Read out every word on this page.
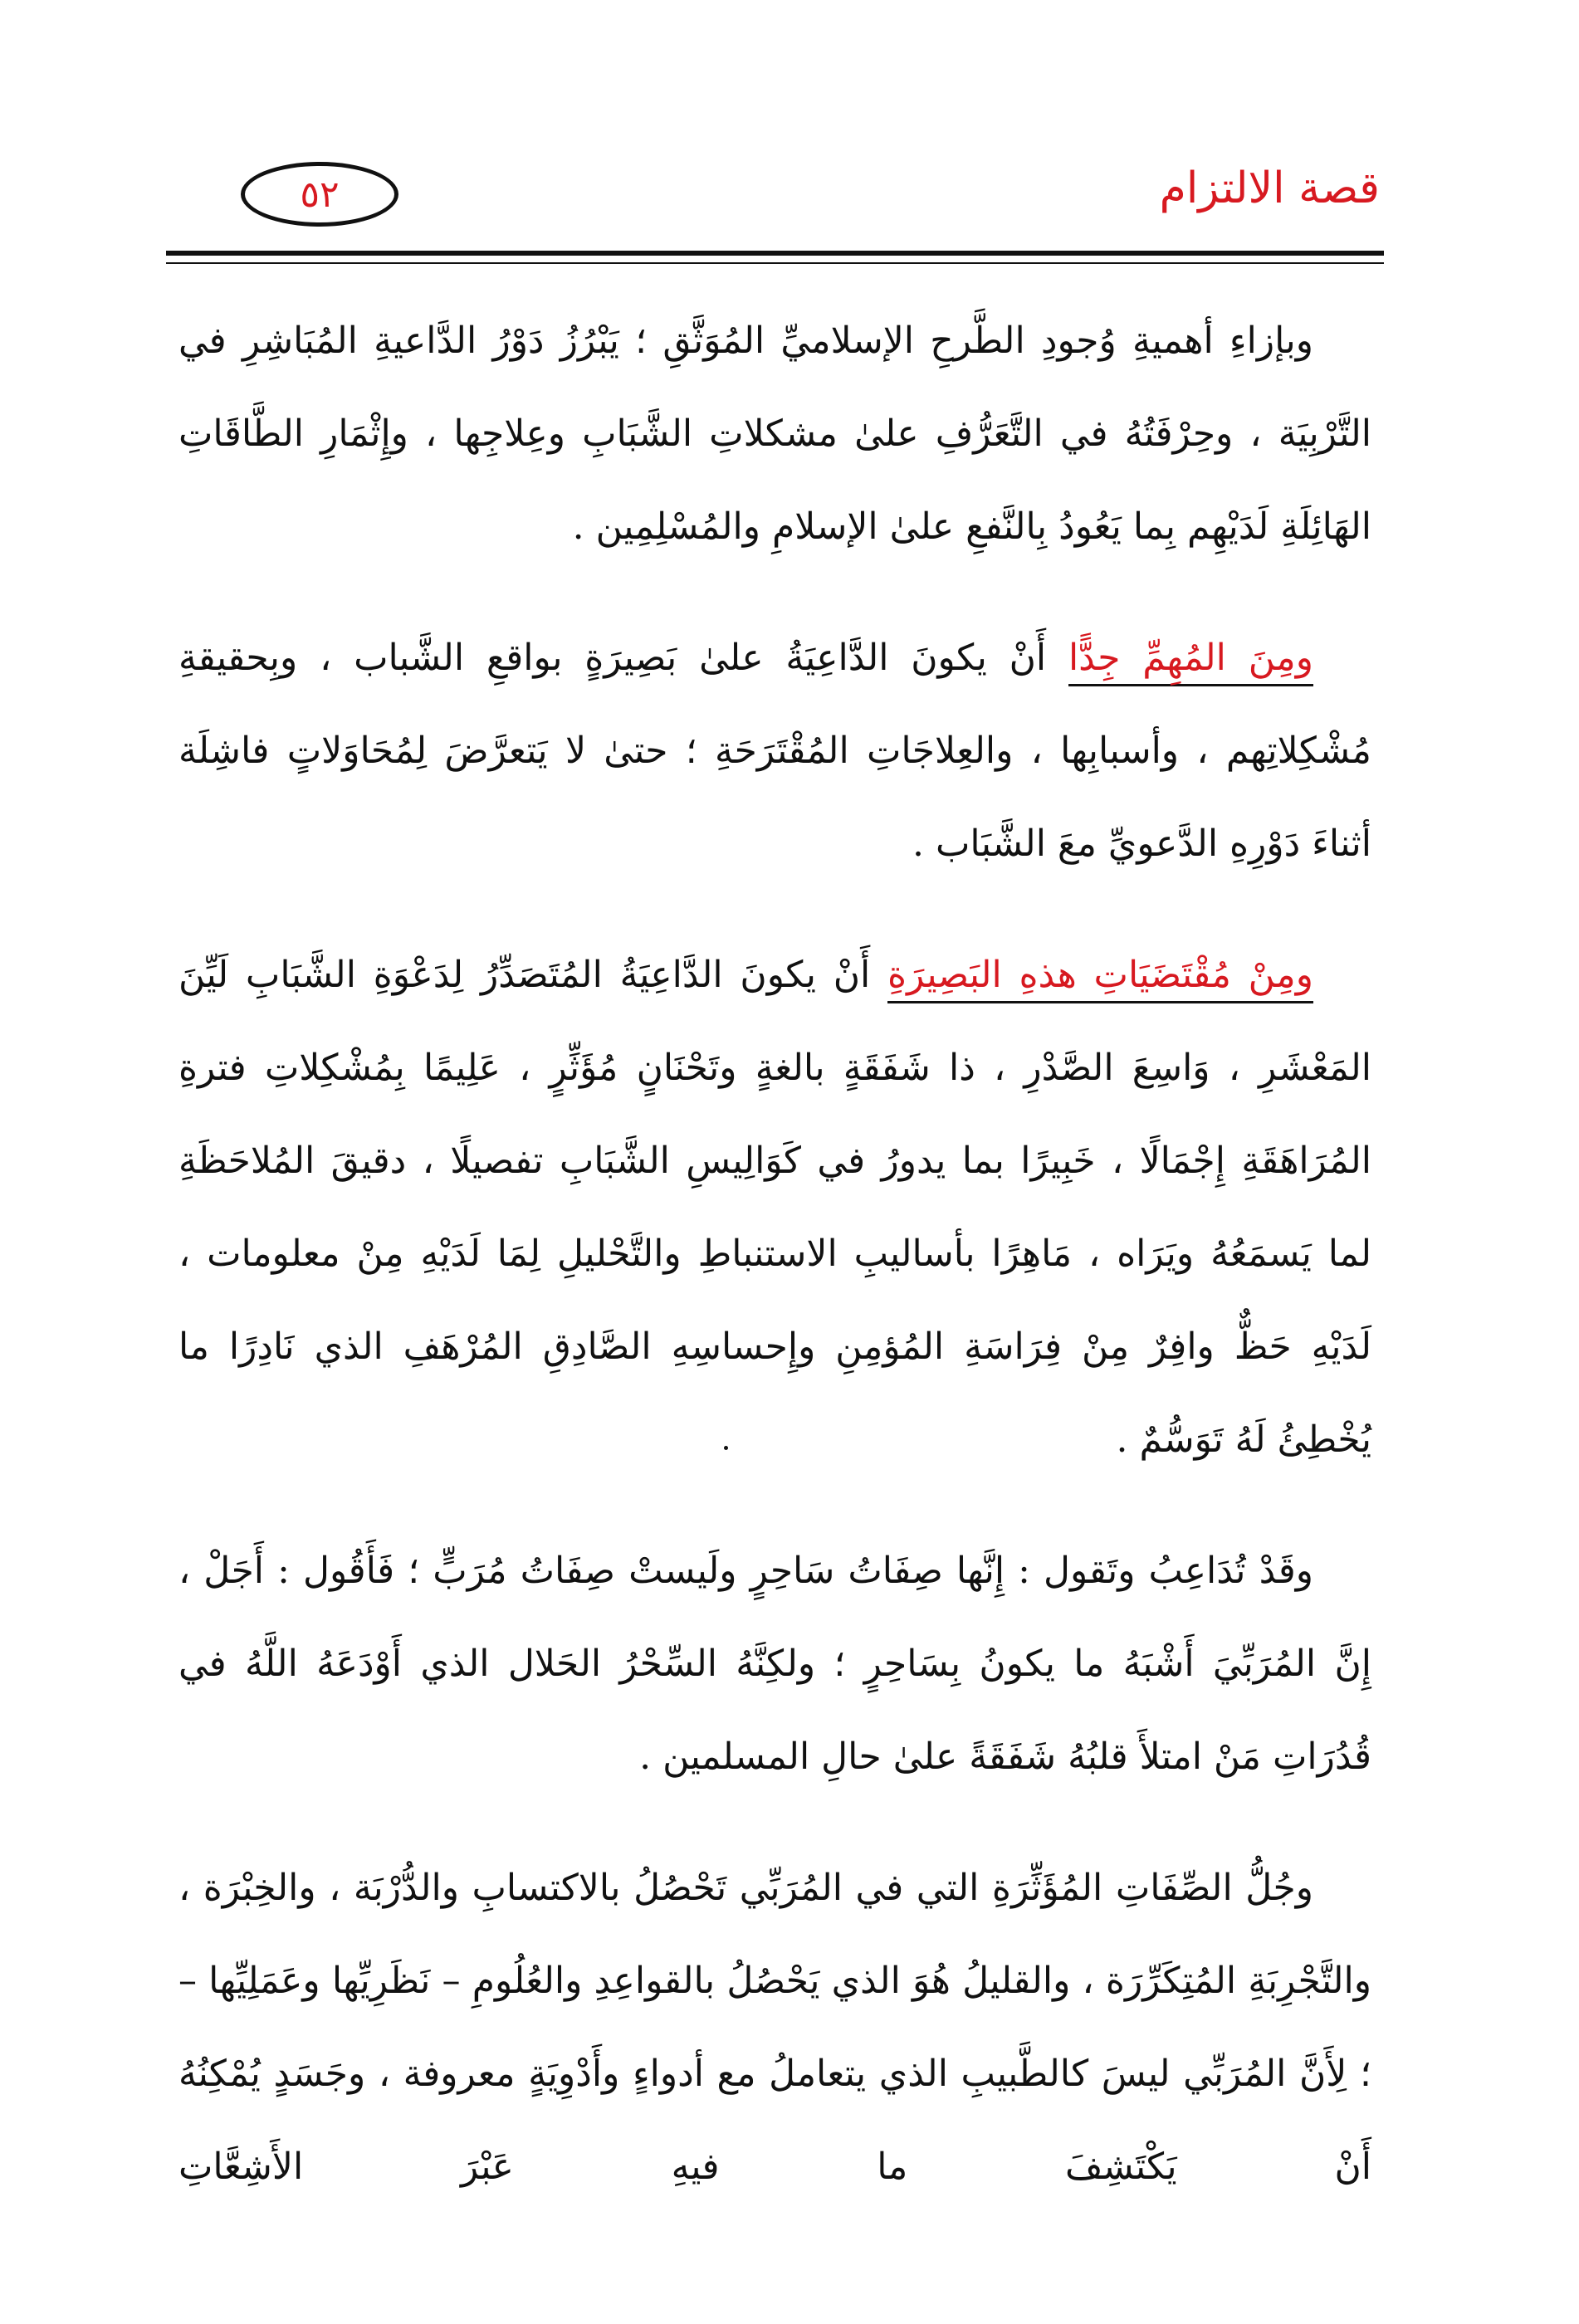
قصة الالتزام
٥٢

وبإزاءِ أهميةِ وُجودِ الطَّرحِ الإسلاميِّ المُوَثَّقِ ؛ يَبْرُزُ دَوْرُ الدَّاعيةِ المُبَاشِرِ في التَّرْبِيَة ، وحِرْفَتُهُ في التَّعَرُّفِ علىٰ مشكلاتِ الشَّبَابِ وعِلاجِها ، وإِثْمَارِ الطَّاقَاتِ الهَائِلَةِ لَدَيْهِم بِما يَعُودُ بِالنَّفعِ علىٰ الإسلامِ والمُسْلِمِين .

ومِنَ المُهِمِّ جِدًّا أَنْ يكونَ الدَّاعِيَةُ علىٰ بَصِيرَةٍ بواقعِ الشَّباب ، وبِحقيقةِ مُشْكِلاتِهم ، وأسبابِها ، والعِلاجَاتِ المُقْتَرَحَةِ ؛ حتىٰ لا يَتعرَّضَ لِمُحَاوَلاتٍ فاشِلَة أثناءَ دَوْرِهِ الدَّعويِّ معَ الشَّبَاب .

ومِنْ مُقْتَضَيَاتِ هذهِ البَصِيرَةِ أَنْ يكونَ الدَّاعِيَةُ المُتَصَدِّرُ لِدَعْوَةِ الشَّبَابِ لَيِّنَ المَعْشَرِ ، وَاسِعَ الصَّدْرِ ، ذا شَفَقَةٍ بالغةٍ وتَحْنَانٍ مُؤَثِّرٍ ، عَلِيمًا بِمُشْكِلاتِ فترةِ المُرَاهَقَةِ إِجْمَالًا ، خَبِيرًا بما يدورُ في كَوَالِيسِ الشَّبَابِ تفصيلًا ، دقيقَ المُلاحَظَةِ لما يَسمَعُهُ ويَرَاه ، مَاهِرًا بأساليبِ الاستنباطِ والتَّحْليلِ لِمَا لَدَيْهِ مِنْ معلومات ، لَدَيْهِ حَظٌّ وافِرٌ مِنْ فِرَاسَةِ المُؤمِنِ وإِحساسِهِ الصَّادِقِ المُرْهَفِ الذي نَادِرًا ما يُخْطِئُ لَهُ تَوَسُّمٌ .

وقَدْ تُدَاعِبُ وتَقول : إِنَّها صِفَاتُ سَاحِرٍ ولَيستْ صِفَاتُ مُرَبٍّ ؛ فَأَقُول : أَجَلْ ، إِنَّ المُرَبِّيَ أَشْبَهُ ما يكونُ بِسَاحِرٍ ؛ ولكِنَّهُ السِّحْرُ الحَلال الذي أَوْدَعَهُ اللَّهُ في قُدُرَاتِ مَنْ امتلأَ قلبُهُ شَفَقَةً علىٰ حالِ المسلمين .

وجُلُّ الصِّفَاتِ المُؤَثِّرَةِ التي في المُرَبِّي تَحْصُلُ بالاكتسابِ والدُّرْبَة ، والخِبْرَة ، والتَّجْرِبَةِ المُتِكَرِّرَة ، والقليلُ هُوَ الذي يَحْصُلُ بالقواعِدِ والعُلُومِ – نَظَرِيِّها وعَمَلِيِّها – ؛ لِأَنَّ المُرَبِّي ليسَ كالطَّبيبِ الذي يتعاملُ مع أدواءٍ وأَدْوِيَةٍ معروفة ، وجَسَدٍ يُمْكِنُهُ أَنْ يَكْتَشِفَ ما فيهِ عَبْرَ الأَشِعَّاتِ
